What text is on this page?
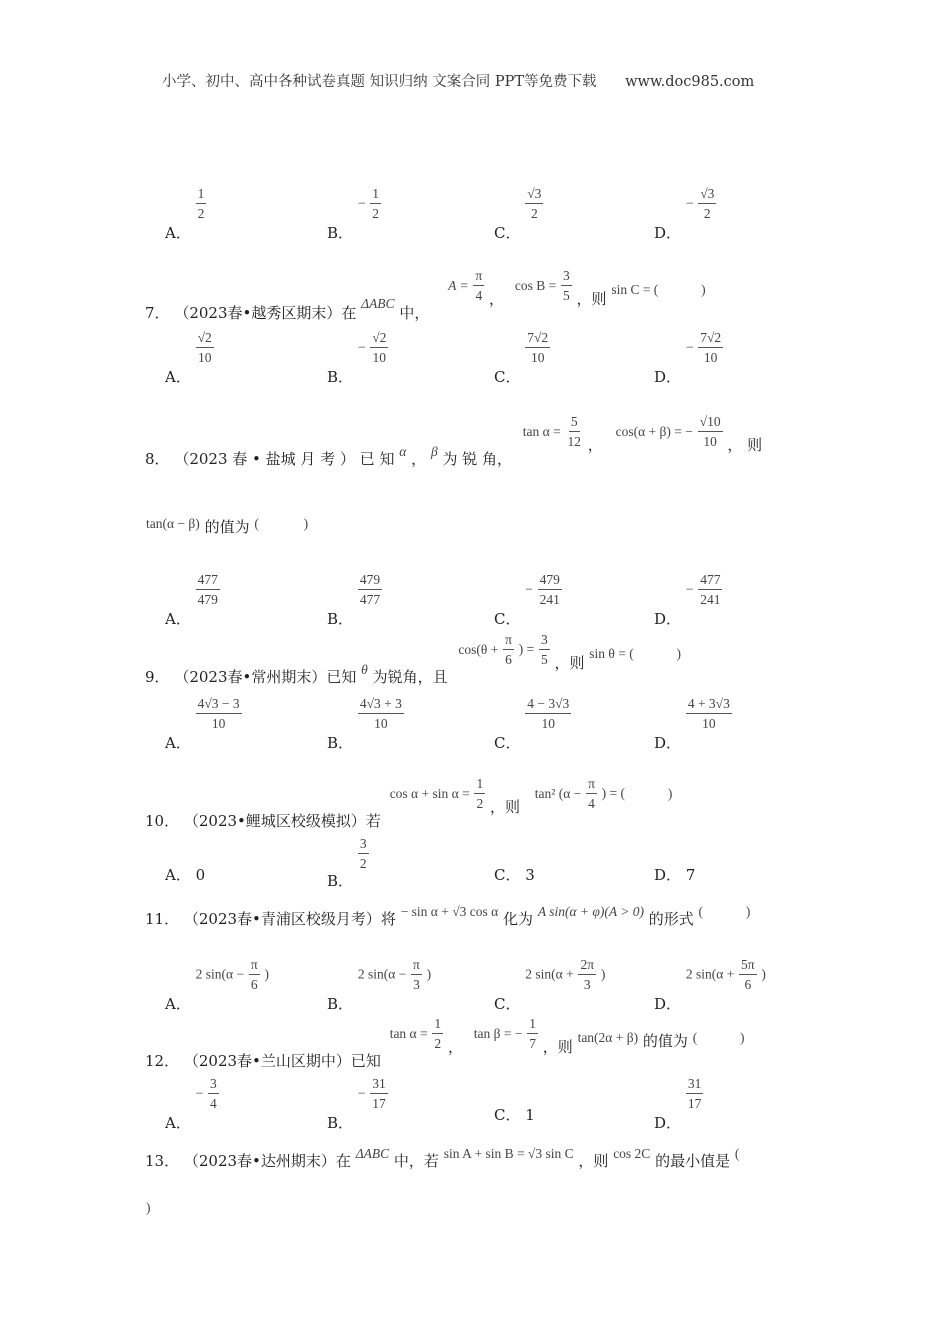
小学、初中、高中各种试卷真题 知识归纳 文案合同 PPT等免费下载 www.doc985.com
A．
$\frac{1}{2}$
B． − $\frac{1}{2}$
C．
$\frac{√3}{2}$
D． − $\frac{√3}{2}$
7． （2023春•越秀区期末）在 ΔABC 中， $A = \frac{\pi}{4}$ ， $\cos B = \frac{3}{5}$ ，则 sin C = (	)
A．
$\frac{√2}{10}$
B． − $\frac{√2}{10}$
C．
$\frac{7√2}{10}$
D． − $\frac{7√2}{10}$
8． （2023 春 • 盐城 月 考 ） 已 知 α ， β 为 锐 角， $\tan \alpha = \frac{5}{12}$ ， cos(α + β) = − $\frac{√10}{10}$ ， 则
tan(α − β) 的值为 (	)
A．
$\frac{477}{479}$
B．
$\frac{479}{477}$
C． − $\frac{479}{241}$
D． − $\frac{477}{241}$
9． （2023春•常州期末）已知 θ 为锐角，且 $\cos(\theta + \frac{\pi}{6}$ ) = $\frac{3}{5}$ ，则 sin θ = (	)
A．
$\frac{4√3 - 3}{10}$
B．
$\frac{4√3 + 3}{10}$
C．
$\frac{4 - 3√3}{10}$
D．
$\frac{4 + 3√3}{10}$
10． （2023•鲤城区校级模拟）若 $\cos \alpha + \sin \alpha = \frac{1}{2}$ ，则 tan² ($\alpha - \frac{\pi}{4}$ ) = (	)
A． 0	B．
$\frac{3}{2}$
C． 3	D． 7
11． （2023春•青浦区校级月考）将 − sin α + √3 cos α 化为 A sin(α + φ)(A > 0) 的形式 (	)
A． 2 $\sin(\alpha - \frac{\pi}{6}$ )
B． 2 $\sin(\alpha - \frac{\pi}{3}$ )
C． 2 $\sin(\alpha + \frac{2\pi}{3}$ )
D． 2 $\sin(\alpha + \frac{5\pi}{6}$ )
12． （2023春•兰山区期中）已知 $\tan \alpha = \frac{1}{2}$ ， tan β = − $\frac{1}{7}$ ，则 tan(2α + β) 的值为 (	)
A． − $\frac{3}{4}$
B． − $\frac{31}{17}$
C． 1	D．
$\frac{31}{17}$
13． （2023春•达州期末）在 ΔABC 中，若 sin A + sin B = √3 sin C ，则 cos 2C 的最小值是 (
)
